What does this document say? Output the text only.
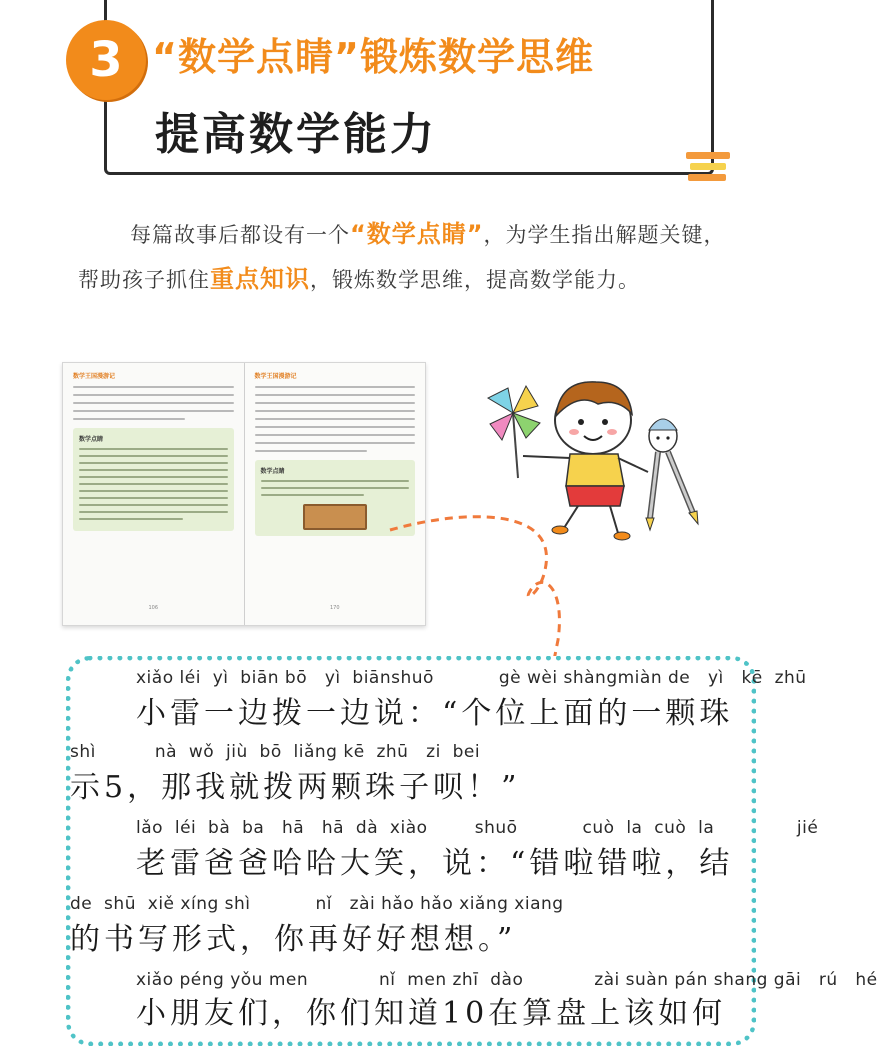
3 “数学点睛”锻炼数学思维
提高数学能力
每篇故事后都设有一个“数学点睛”，为学生指出解题关键，帮助孩子抓住重点知识，锻炼数学思维，提高数学能力。
数学王国漫游记
数学点睛
106
数学王国漫游记
数学点睛
170
xiǎo léi  yì  biān bō   yì  biānshuō           gè wèi shàngmiàn de   yì   kē  zhū
小雷一边拨一边说：“个位上面的一颗珠
shì          nà  wǒ  jiù  bō  liǎng kē  zhū   zi  bei
示5，那我就拨两颗珠子呗！”
lǎo  léi  bà  ba   hā   hā  dà  xiào        shuō           cuò  la  cuò  la              jié
老雷爸爸哈哈大笑，说：“错啦错啦，结
de  shū  xiě xíng shì           nǐ   zài hǎo hǎo xiǎng xiang
的书写形式，你再好好想想。”
xiǎo péng yǒu men            nǐ  men zhī  dào            zài suàn pán shang gāi   rú   hé
小朋友们，你们知道10在算盘上该如何
